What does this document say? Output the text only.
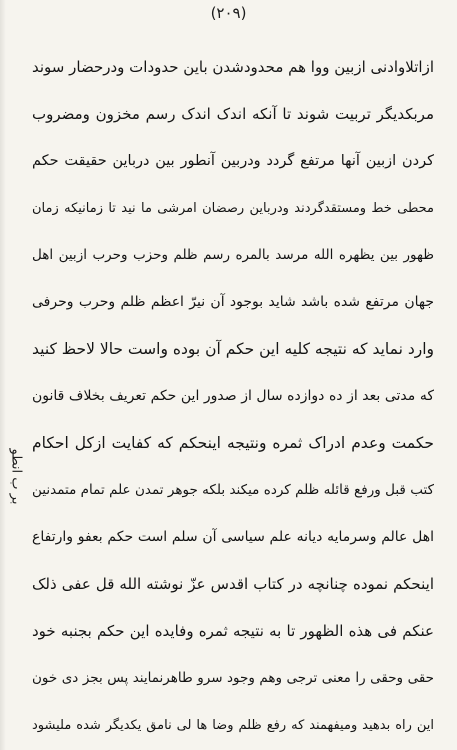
(۲۰۹)
بر ب انطو
ازاتلاوادنی ازبین ووا هم محدودشدن باین حدودات ودرحضار سوند
مربکدیگر تربیت شوند تا آنکه اندک اندک رسم مخزون ومضروب
کردن ازبین آنها مرتفع گردد ودربین آنطور بین درباین حقیقت حکم
محطی خط ومستقدگردند ودرباین رصضان امرشی ما نید تا زمانیکه زمان
ظهور بین یظهره الله مرسد بالمره رسم ظلم وحزب وحرب ازبین اهل
جهان مرتفع شده باشد شاید بوجود آن نیرّ اعظم ظلم وحرب وحرفی
وارد نماید که نتیجه کلیه این حکم آن بوده واست حالا لاحظ کنید
که مدتی بعد از ده دوازده سال از صدور این حکم تعریف بخلاف قانون
حکمت وعدم ادراک ثمره ونتیجه اینحکم که کفایت ازکل احکام
کتب قبل ورفع قائله ظلم کرده میکند بلکه جوهر تمدن علم تمام متمدنین
اهل عالم وسرمایه دیانه علم سیاسی آن سلم است حکم بعفو وارتفاع
اینحکم نموده چنانچه در کتاب اقدس عزّ نوشته الله قل عفی ذلک
عنکم فی هذه الظهور تا به نتیجه ثمره وفایده این حکم بجنبه خود
حقی وحقی را معنی ترجی وهم وجود سرو طاهرنمایند پس بجز دی خون
این راه بدهید ومیفهمند که رفع ظلم وضا ها لی نامق یکدیگر شده ملیشود
